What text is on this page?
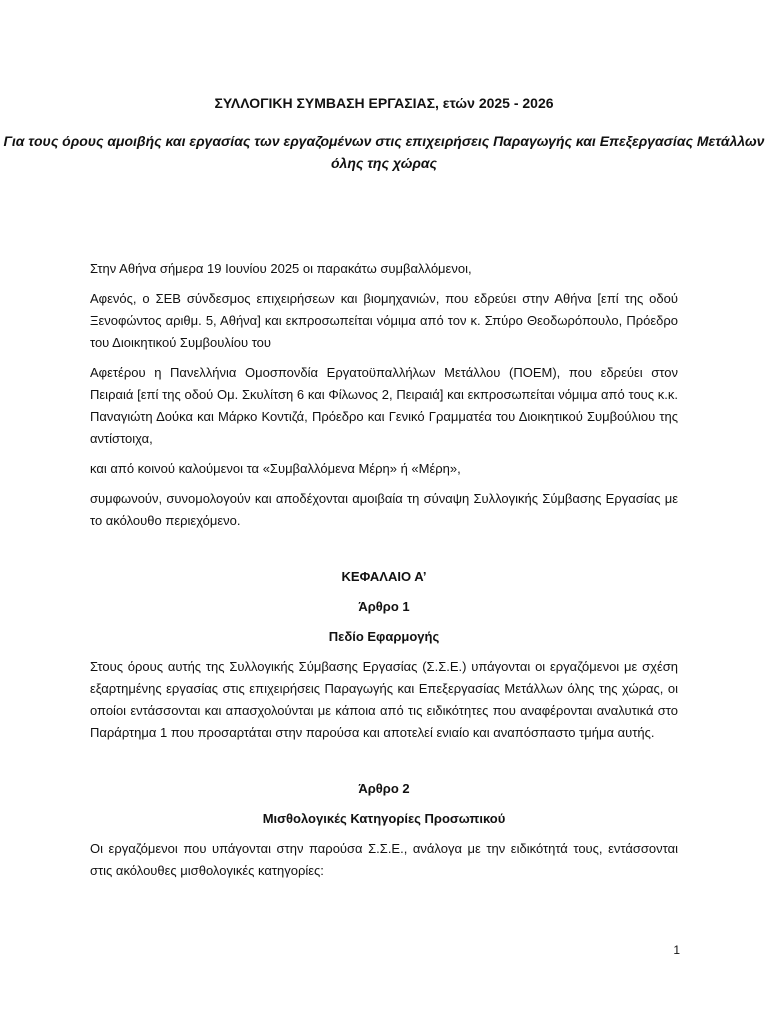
ΣΥΛΛΟΓΙΚΗ ΣΥΜΒΑΣΗ ΕΡΓΑΣΙΑΣ, ετών 2025 - 2026

Για τους όρους αμοιβής και εργασίας των εργαζομένων στις επιχειρήσεις Παραγωγής και Επεξεργασίας Μετάλλων όλης της χώρας

Στην Αθήνα σήμερα 19 Ιουνίου 2025 οι παρακάτω συμβαλλόμενοι,

Αφενός, ο ΣΕΒ σύνδεσμος επιχειρήσεων και βιομηχανιών, που εδρεύει στην Αθήνα [επί της οδού Ξενοφώντος αριθμ. 5, Αθήνα] και εκπροσωπείται νόμιμα από τον κ. Σπύρο Θεοδωρόπουλο, Πρόεδρο του Διοικητικού Συμβουλίου του

Αφετέρου η Πανελλήνια Ομοσπονδία Εργατοϋπαλλήλων Μετάλλου (ΠΟΕΜ), που εδρεύει στον Πειραιά [επί της οδού Ομ. Σκυλίτση 6 και Φίλωνος 2, Πειραιά] και εκπροσωπείται νόμιμα από τους κ.κ. Παναγιώτη Δούκα και Μάρκο Κοντιζά, Πρόεδρο και Γενικό Γραμματέα του Διοικητικού Συμβούλιου της αντίστοιχα,

και από κοινού καλούμενοι τα «Συμβαλλόμενα Μέρη» ή «Μέρη»,

συμφωνούν, συνομολογούν και αποδέχονται αμοιβαία τη σύναψη Συλλογικής Σύμβασης Εργασίας με το ακόλουθο περιεχόμενο.

ΚΕΦΑΛΑΙΟ Α’

Άρθρο 1

Πεδίο Εφαρμογής

Στους όρους αυτής της Συλλογικής Σύμβασης Εργασίας (Σ.Σ.Ε.) υπάγονται οι εργαζόμενοι με σχέση εξαρτημένης εργασίας στις επιχειρήσεις Παραγωγής και Επεξεργασίας Μετάλλων όλης της χώρας, οι οποίοι εντάσσονται και απασχολούνται με κάποια από τις ειδικότητες που αναφέρονται αναλυτικά στο Παράρτημα 1 που προσαρτάται στην παρούσα και αποτελεί ενιαίο και αναπόσπαστο τμήμα αυτής.

Άρθρο 2

Μισθολογικές Κατηγορίες Προσωπικού

Οι εργαζόμενοι που υπάγονται στην παρούσα Σ.Σ.Ε., ανάλογα με την ειδικότητά τους, εντάσσονται στις ακόλουθες μισθολογικές κατηγορίες:

1
